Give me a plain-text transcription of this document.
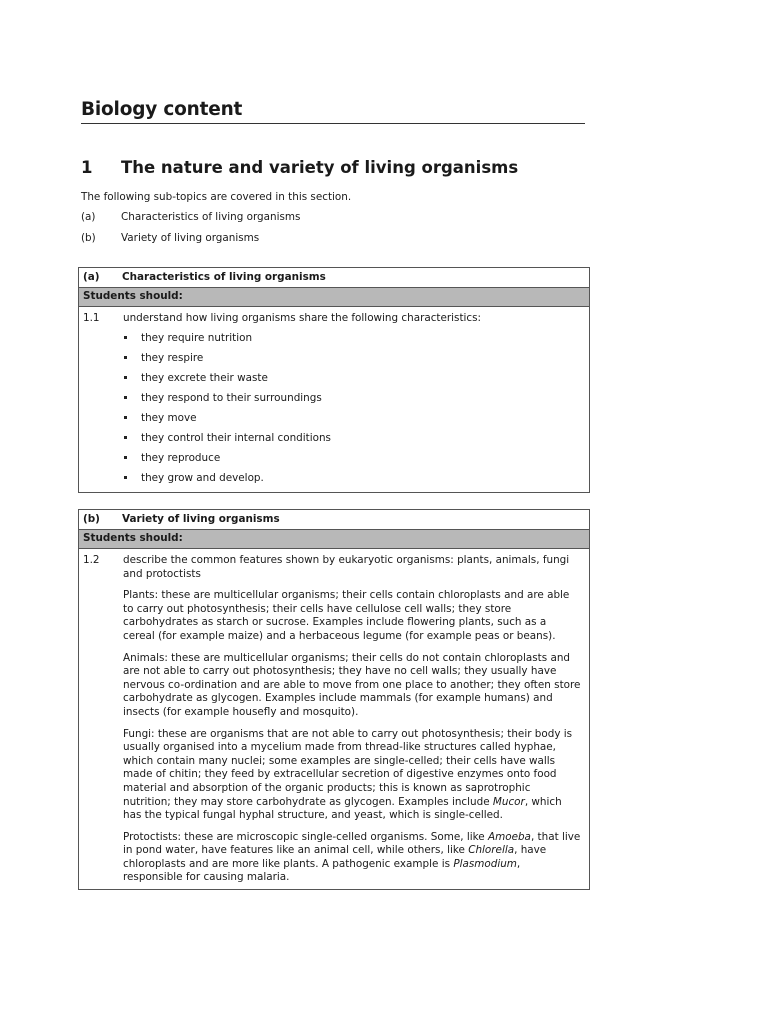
Biology content
1 The nature and variety of living organisms
The following sub-topics are covered in this section.
(a) Characteristics of living organisms
(b) Variety of living organisms
(a) Characteristics of living organisms
Students should:
1.1	understand how living organisms share the following characteristics:
they require nutrition
they respire
they excrete their waste
they respond to their surroundings
they move
they control their internal conditions
they reproduce
they grow and develop.
(b) Variety of living organisms
Students should:
1.2	describe the common features shown by eukaryotic organisms: plants, animals, fungi and protoctists

Plants: these are multicellular organisms; their cells contain chloroplasts and are able to carry out photosynthesis; their cells have cellulose cell walls; they store carbohydrates as starch or sucrose. Examples include flowering plants, such as a cereal (for example maize) and a herbaceous legume (for example peas or beans).

Animals: these are multicellular organisms; their cells do not contain chloroplasts and are not able to carry out photosynthesis; they have no cell walls; they usually have nervous co-ordination and are able to move from one place to another; they often store carbohydrate as glycogen. Examples include mammals (for example humans) and insects (for example housefly and mosquito).

Fungi: these are organisms that are not able to carry out photosynthesis; their body is usually organised into a mycelium made from thread-like structures called hyphae, which contain many nuclei; some examples are single-celled; their cells have walls made of chitin; they feed by extracellular secretion of digestive enzymes onto food material and absorption of the organic products; this is known as saprotrophic nutrition; they may store carbohydrate as glycogen. Examples include Mucor, which has the typical fungal hyphal structure, and yeast, which is single-celled.

Protoctists: these are microscopic single-celled organisms. Some, like Amoeba, that live in pond water, have features like an animal cell, while others, like Chlorella, have chloroplasts and are more like plants. A pathogenic example is Plasmodium, responsible for causing malaria.
